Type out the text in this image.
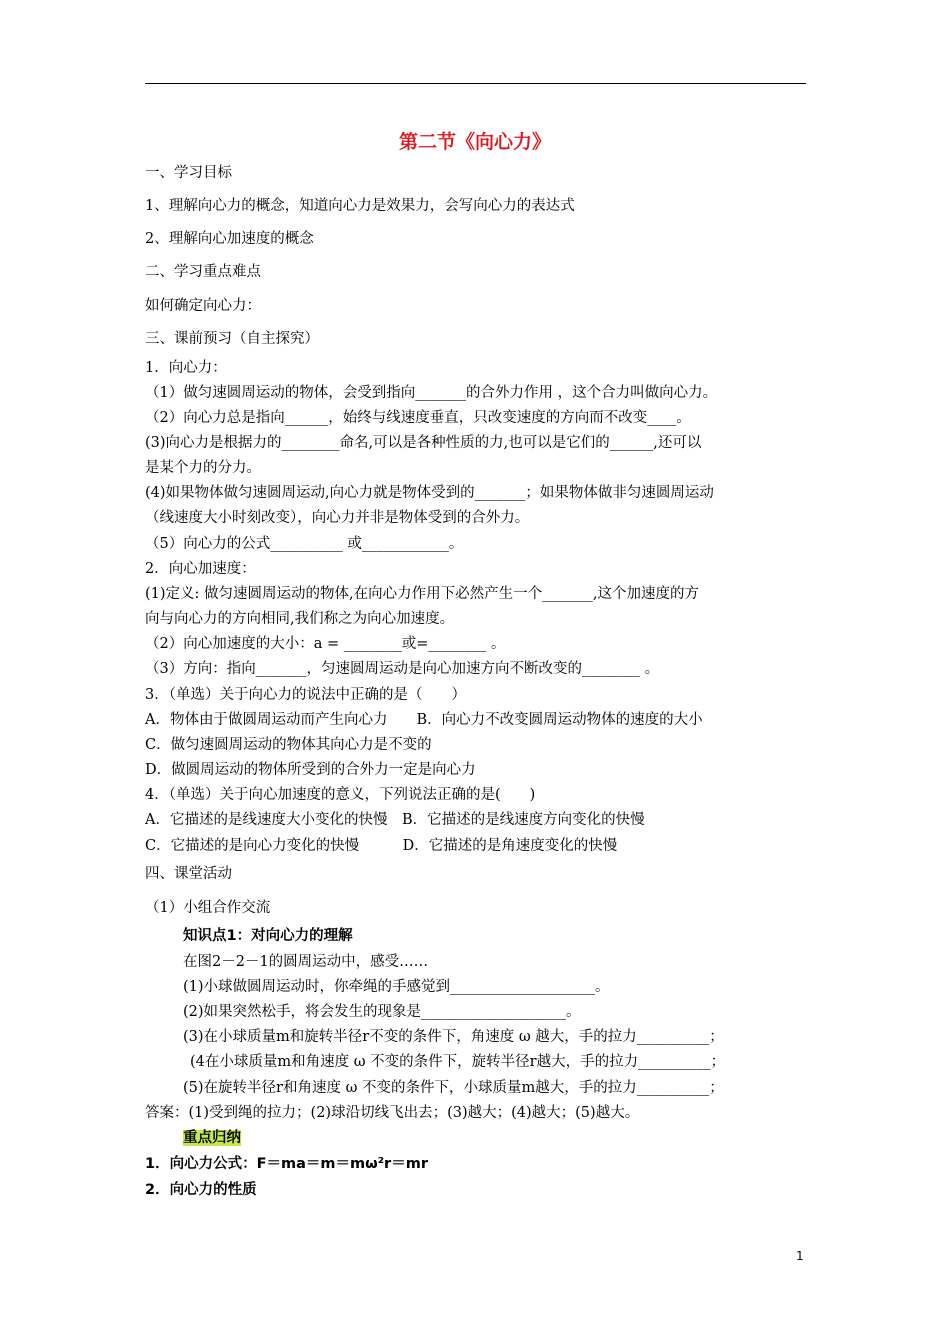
第二节《向心力》
一、学习目标
1、理解向心力的概念，知道向心力是效果力，会写向心力的表达式
2、理解向心加速度的概念
二、学习重点难点
如何确定向心力：
三、课前预习（自主探究）
1．向心力：
（1）做匀速圆周运动的物体，会受到指向_______的合外力作用 ，这个合力叫做向心力。
（2）向心力总是指向______，始终与线速度垂直，只改变速度的方向而不改变____。
(3)向心力是根据力的________命名,可以是各种性质的力,也可以是它们的______,还可以
是某个力的分力。
(4)如果物体做匀速圆周运动,向心力就是物体受到的_______；如果物体做非匀速圆周运动
（线速度大小时刻改变），向心力并非是物体受到的合外力。
（5）向心力的公式__________ 或____________。
2．向心加速度：
(1)定义: 做匀速圆周运动的物体,在向心力作用下必然产生一个_______,这个加速度的方
向与向心力的方向相同,我们称之为向心加速度。
（2）向心加速度的大小：a = ________或=________ 。
（3）方向：指向_______，匀速圆周运动是向心加速方向不断改变的________ 。
3．（单选）关于向心力的说法中正确的是（　　）
A．物体由于做圆周运动而产生向心力　　B．向心力不改变圆周运动物体的速度的大小
C．做匀速圆周运动的物体其向心力是不变的
D．做圆周运动的物体所受到的合外力一定是向心力
4．（单选）关于向心加速度的意义，下列说法正确的是(　　)
A．它描述的是线速度大小变化的快慢　B．它描述的是线速度方向变化的快慢
C．它描述的是向心力变化的快慢　　　D．它描述的是角速度变化的快慢
四、课堂活动
（1）小组合作交流
知识点1：对向心力的理解
在图2－2－1的圆周运动中，感受……
(1)小球做圆周运动时，你牵绳的手感觉到____________________。
(2)如果突然松手，将会发生的现象是____________________。
(3)在小球质量m和旋转半径r不变的条件下，角速度 ω 越大，手的拉力__________；
(4在小球质量m和角速度 ω 不变的条件下，旋转半径r越大，手的拉力__________；
(5)在旋转半径r和角速度 ω 不变的条件下，小球质量m越大，手的拉力__________；
答案：(1)受到绳的拉力；(2)球沿切线飞出去；(3)越大；(4)越大；(5)越大。
重点归纳
1．向心力公式：F＝ma＝m＝mω²r＝mr
2．向心力的性质
1
